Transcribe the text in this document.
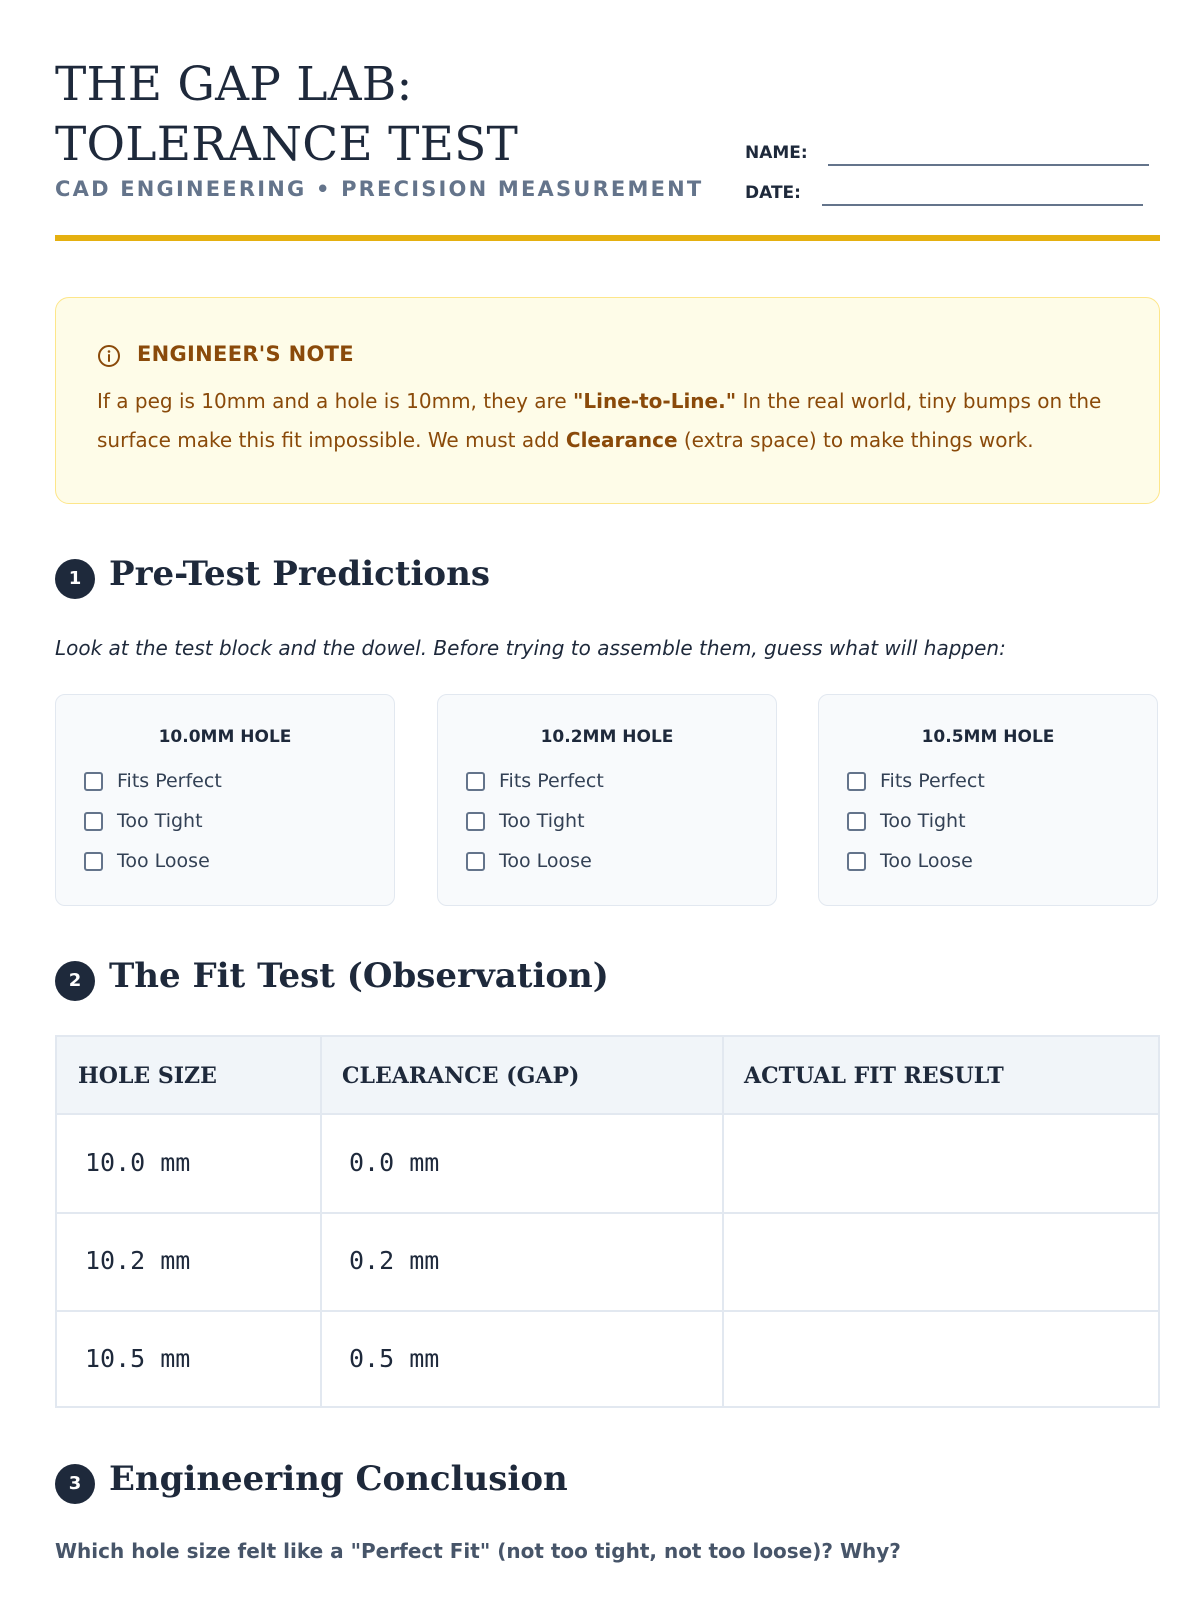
THE GAP LAB: TOLERANCE TEST
CAD ENGINEERING • PRECISION MEASUREMENT
NAME:
DATE:
ENGINEER'S NOTE

If a peg is 10mm and a hole is 10mm, they are "Line-to-Line." In the real world, tiny bumps on the surface make this fit impossible. We must add Clearance (extra space) to make things work.

1 Pre-Test Predictions
Look at the test block and the dowel. Before trying to assemble them, guess what will happen:
10.0MM HOLE
Fits Perfect
Too Tight
Too Loose
10.2MM HOLE
Fits Perfect
Too Tight
Too Loose
10.5MM HOLE
Fits Perfect
Too Tight
Too Loose
2 The Fit Test (Observation)
HOLE SIZE	CLEARANCE (GAP)	ACTUAL FIT RESULT
10.0 mm	0.0 mm
10.2 mm	0.2 mm
10.5 mm	0.5 mm
3 Engineering Conclusion
Which hole size felt like a "Perfect Fit" (not too tight, not too loose)? Why?
